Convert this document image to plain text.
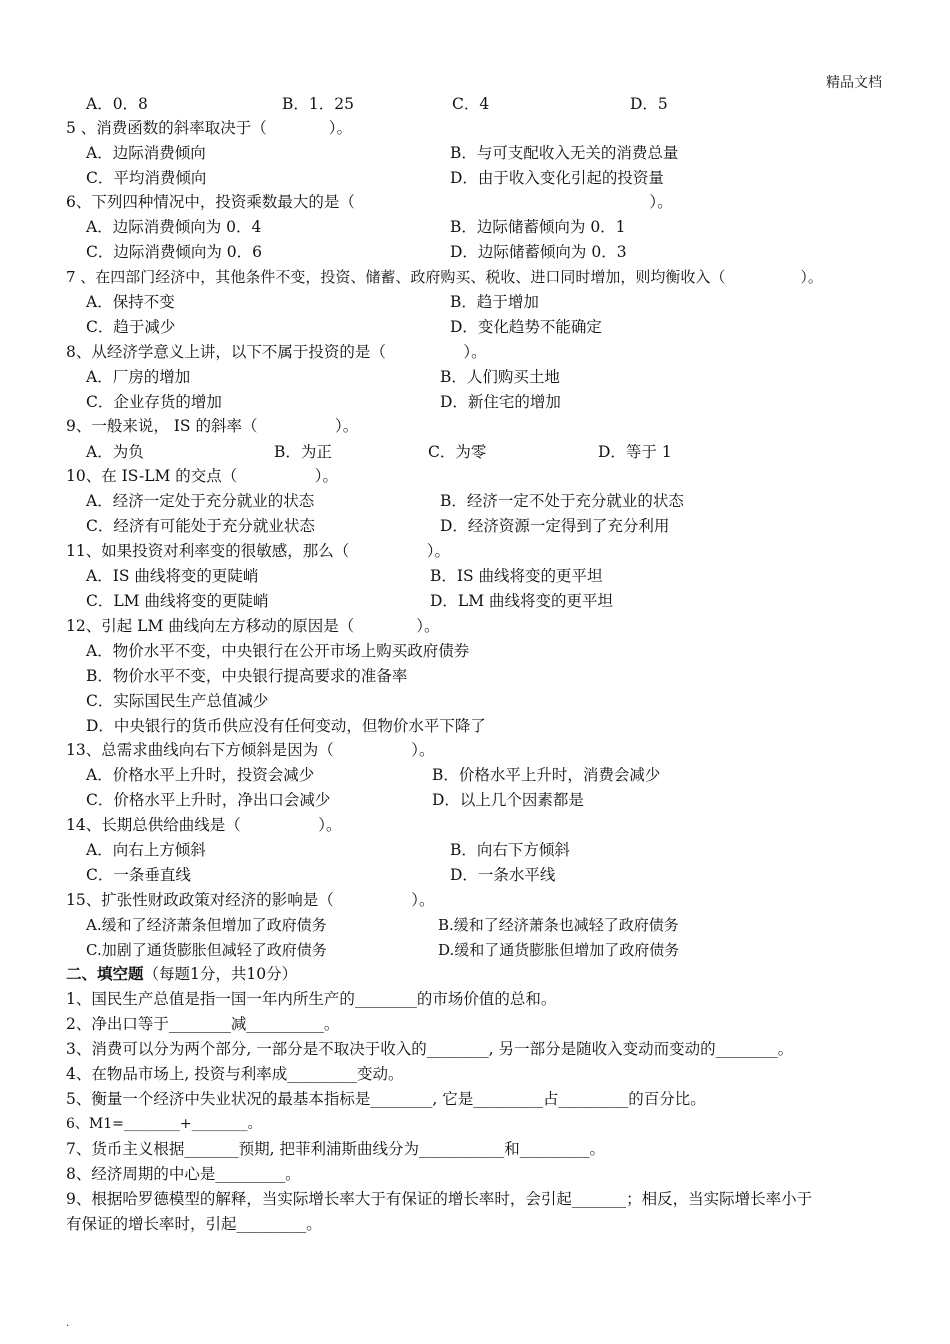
精品文档
A．0．8	B．1．25	C．4	D．5
5 、消费函数的斜率取决于（　　　　）。
A．边际消费倾向	B．与可支配收入无关的消费总量
C．平均消费倾向	D．由于收入变化引起的投资量
6、下列四种情况中，投资乘数最大的是（　　　　　　　　　　　　　　　　　　　）。
A．边际消费倾向为 0．4	B．边际储蓄倾向为 0．1
C．边际消费倾向为 0．6	D．边际储蓄倾向为 0．3
7 、在四部门经济中，其他条件不变，投资、储蓄、政府购买、税收、进口同时增加，则均衡收入（　　　　　）。
A．保持不变	B．趋于增加
C．趋于减少	D．变化趋势不能确定
8、从经济学意义上讲，以下不属于投资的是（　　　　　）。
A．厂房的增加	B．人们购买土地
C．企业存货的增加	D．新住宅的增加
9、一般来说， IS 的斜率（　　　　　）。
A．为负	B．为正	C．为零	D．等于 1
10、在 IS-LM 的交点（　　　　　）。
A．经济一定处于充分就业的状态	B．经济一定不处于充分就业的状态
C．经济有可能处于充分就业状态	D．经济资源一定得到了充分利用
11、如果投资对利率变的很敏感，那么（　　　　　）。
A．IS 曲线将变的更陡峭	B．IS 曲线将变的更平坦
C．LM 曲线将变的更陡峭	D．LM 曲线将变的更平坦
12、引起 LM 曲线向左方移动的原因是（　　　　）。
A．物价水平不变，中央银行在公开市场上购买政府债券
B．物价水平不变，中央银行提高要求的准备率
C．实际国民生产总值减少
D．中央银行的货币供应没有任何变动，但物价水平下降了
13、总需求曲线向右下方倾斜是因为（　　　　　）。
A．价格水平上升时，投资会减少	B．价格水平上升时，消费会减少
C．价格水平上升时，净出口会减少	D．以上几个因素都是
14、长期总供给曲线是（　　　　　）。
A．向右上方倾斜	B．向右下方倾斜
C．一条垂直线	D．一条水平线
15、扩张性财政政策对经济的影响是（　　　　　）。
A.缓和了经济萧条但增加了政府债务	B.缓和了经济萧条也减轻了政府债务
C.加剧了通货膨胀但减轻了政府债务	D.缓和了通货膨胀但增加了政府债务
二、填空题（每题1分，共10分）
1、国民生产总值是指一国一年内所生产的________的市场价值的总和。
2、净出口等于________减__________。
3、消费可以分为两个部分, 一部分是不取决于收入的________, 另一部分是随收入变动而变动的________。
4、在物品市场上, 投资与利率成_________变动。
5、衡量一个经济中失业状况的最基本指标是________, 它是_________占_________的百分比。
6、M1=________+________。
7、货币主义根据_______预期, 把菲利浦斯曲线分为___________和_________。
8、经济周期的中心是_________。
9、根据哈罗德模型的解释，当实际增长率大于有保证的增长率时，会引起_______；相反，当实际增长率小于
有保证的增长率时，引起_________。
.
